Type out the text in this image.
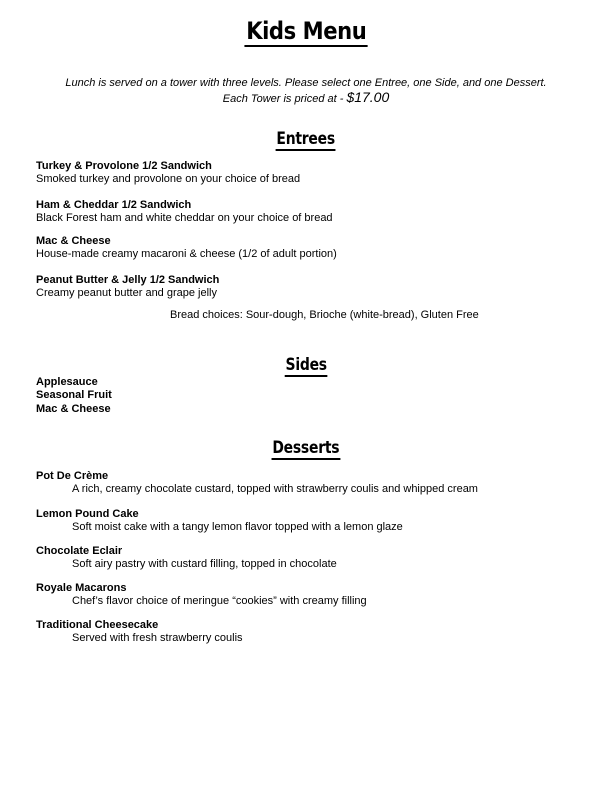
Kids Menu
Lunch is served on a tower with three levels. Please select one Entree, one Side, and one Dessert.
Each Tower is priced at - $17.00
Entrees
Turkey & Provolone 1/2 Sandwich
Smoked turkey and provolone on your choice of bread
Ham & Cheddar 1/2 Sandwich
Black Forest ham and white cheddar on your choice of bread
Mac & Cheese
House-made creamy macaroni & cheese (1/2 of adult portion)
Peanut Butter & Jelly 1/2 Sandwich
Creamy peanut butter and grape jelly
Bread choices: Sour-dough, Brioche (white-bread), Gluten Free
Sides
Applesauce
Seasonal Fruit
Mac & Cheese
Desserts
Pot De Crème
A rich, creamy chocolate custard, topped with strawberry coulis and whipped cream
Lemon Pound Cake
Soft moist cake with a tangy lemon flavor topped with a lemon glaze
Chocolate Eclair
Soft airy pastry with custard filling, topped in chocolate
Royale Macarons
Chef’s flavor choice of meringue “cookies” with creamy filling
Traditional Cheesecake
Served with fresh strawberry coulis
